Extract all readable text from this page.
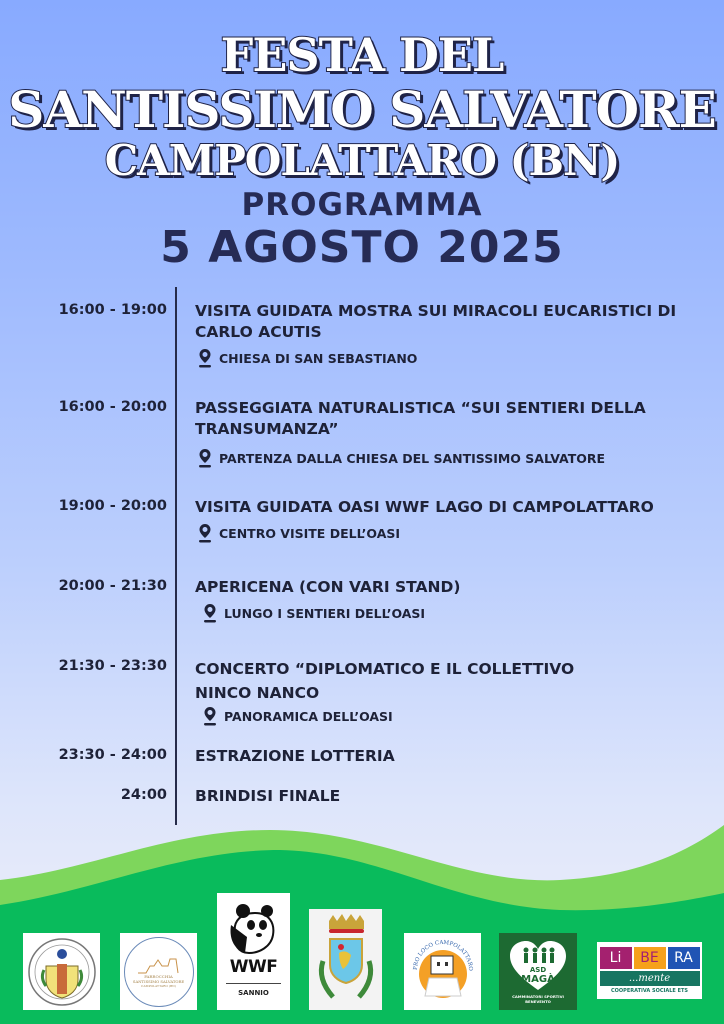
FESTA DEL
SANTISSIMO SALVATORE
CAMPOLATTARO (BN)
PROGRAMMA
5 AGOSTO 2025
16:00 - 19:00 VISITA GUIDATA MOSTRA SUI MIRACOLI EUCARISTICI DI CARLO ACUTIS
CHIESA DI SAN SEBASTIANO
16:00 - 20:00 PASSEGGIATA NATURALISTICA “SUI SENTIERI DELLA TRANSUMANZA”
PARTENZA DALLA CHIESA DEL SANTISSIMO SALVATORE
19:00 - 20:00 VISITA GUIDATA OASI WWF LAGO DI CAMPOLATTARO
CENTRO VISITE DELL’OASI
20:00 - 21:30 APERICENA (CON VARI STAND)
LUNGO I SENTIERI DELL’OASI
21:30 - 23:30 CONCERTO “DIPLOMATICO E IL COLLETTIVO NINCO NANCO
PANORAMICA DELL’OASI
23:30 - 24:00 ESTRAZIONE LOTTERIA
24:00 BRINDISI FINALE
PARROCCHIA
SANTISSIMO SALVATORE
CAMPOLATTARO (BN)
WWF
SANNIO
PRO LOCO CAMPOLATTARO	ASD
MAGÀ
CAMMINATORI SPORTIVI
BENEVENTO
Li	BE	RA
...mente
COOPERATIVA SOCIALE ETS
